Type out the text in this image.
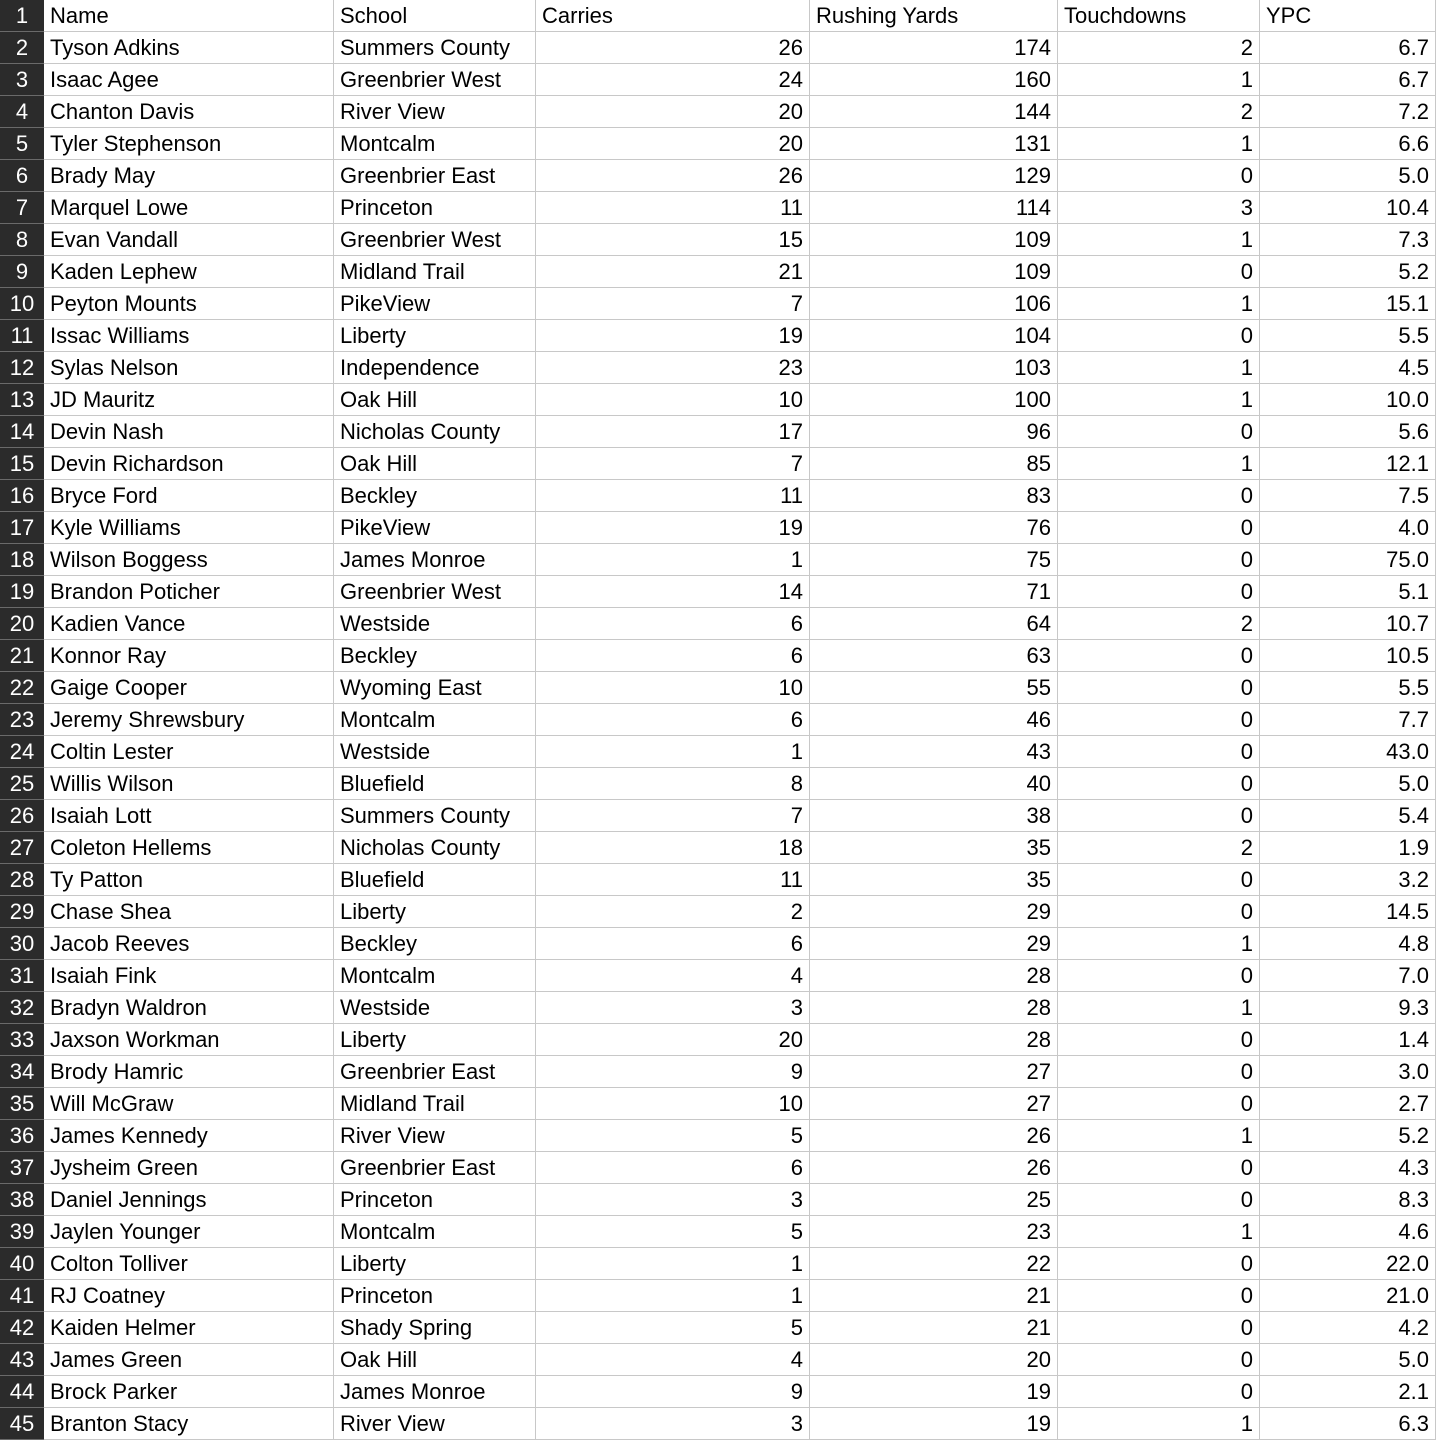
1 Name	School	Carries	Rushing Yards	Touchdowns	YPC
2 Tyson Adkins	Summers County	26	174	2	6.7
3 Isaac Agee	Greenbrier West	24	160	1	6.7
4 Chanton Davis	River View	20	144	2	7.2
5 Tyler Stephenson	Montcalm	20	131	1	6.6
6 Brady May	Greenbrier East	26	129	0	5.0
7 Marquel Lowe	Princeton	11	114	3	10.4
8 Evan Vandall	Greenbrier West	15	109	1	7.3
9 Kaden Lephew	Midland Trail	21	109	0	5.2
10 Peyton Mounts	PikeView	7	106	1	15.1
11 Issac Williams	Liberty	19	104	0	5.5
12 Sylas Nelson	Independence	23	103	1	4.5
13 JD Mauritz	Oak Hill	10	100	1	10.0
14 Devin Nash	Nicholas County	17	96	0	5.6
15 Devin Richardson	Oak Hill	7	85	1	12.1
16 Bryce Ford	Beckley	11	83	0	7.5
17 Kyle Williams	PikeView	19	76	0	4.0
18 Wilson Boggess	James Monroe	1	75	0	75.0
19 Brandon Poticher	Greenbrier West	14	71	0	5.1
20 Kadien Vance	Westside	6	64	2	10.7
21 Konnor Ray	Beckley	6	63	0	10.5
22 Gaige Cooper	Wyoming East	10	55	0	5.5
23 Jeremy Shrewsbury	Montcalm	6	46	0	7.7
24 Coltin Lester	Westside	1	43	0	43.0
25 Willis Wilson	Bluefield	8	40	0	5.0
26 Isaiah Lott	Summers County	7	38	0	5.4
27 Coleton Hellems	Nicholas County	18	35	2	1.9
28 Ty Patton	Bluefield	11	35	0	3.2
29 Chase Shea	Liberty	2	29	0	14.5
30 Jacob Reeves	Beckley	6	29	1	4.8
31 Isaiah Fink	Montcalm	4	28	0	7.0
32 Bradyn Waldron	Westside	3	28	1	9.3
33 Jaxson Workman	Liberty	20	28	0	1.4
34 Brody Hamric	Greenbrier East	9	27	0	3.0
35 Will McGraw	Midland Trail	10	27	0	2.7
36 James Kennedy	River View	5	26	1	5.2
37 Jysheim Green	Greenbrier East	6	26	0	4.3
38 Daniel Jennings	Princeton	3	25	0	8.3
39 Jaylen Younger	Montcalm	5	23	1	4.6
40 Colton Tolliver	Liberty	1	22	0	22.0
41 RJ Coatney	Princeton	1	21	0	21.0
42 Kaiden Helmer	Shady Spring	5	21	0	4.2
43 James Green	Oak Hill	4	20	0	5.0
44 Brock Parker	James Monroe	9	19	0	2.1
45 Branton Stacy	River View	3	19	1	6.3
